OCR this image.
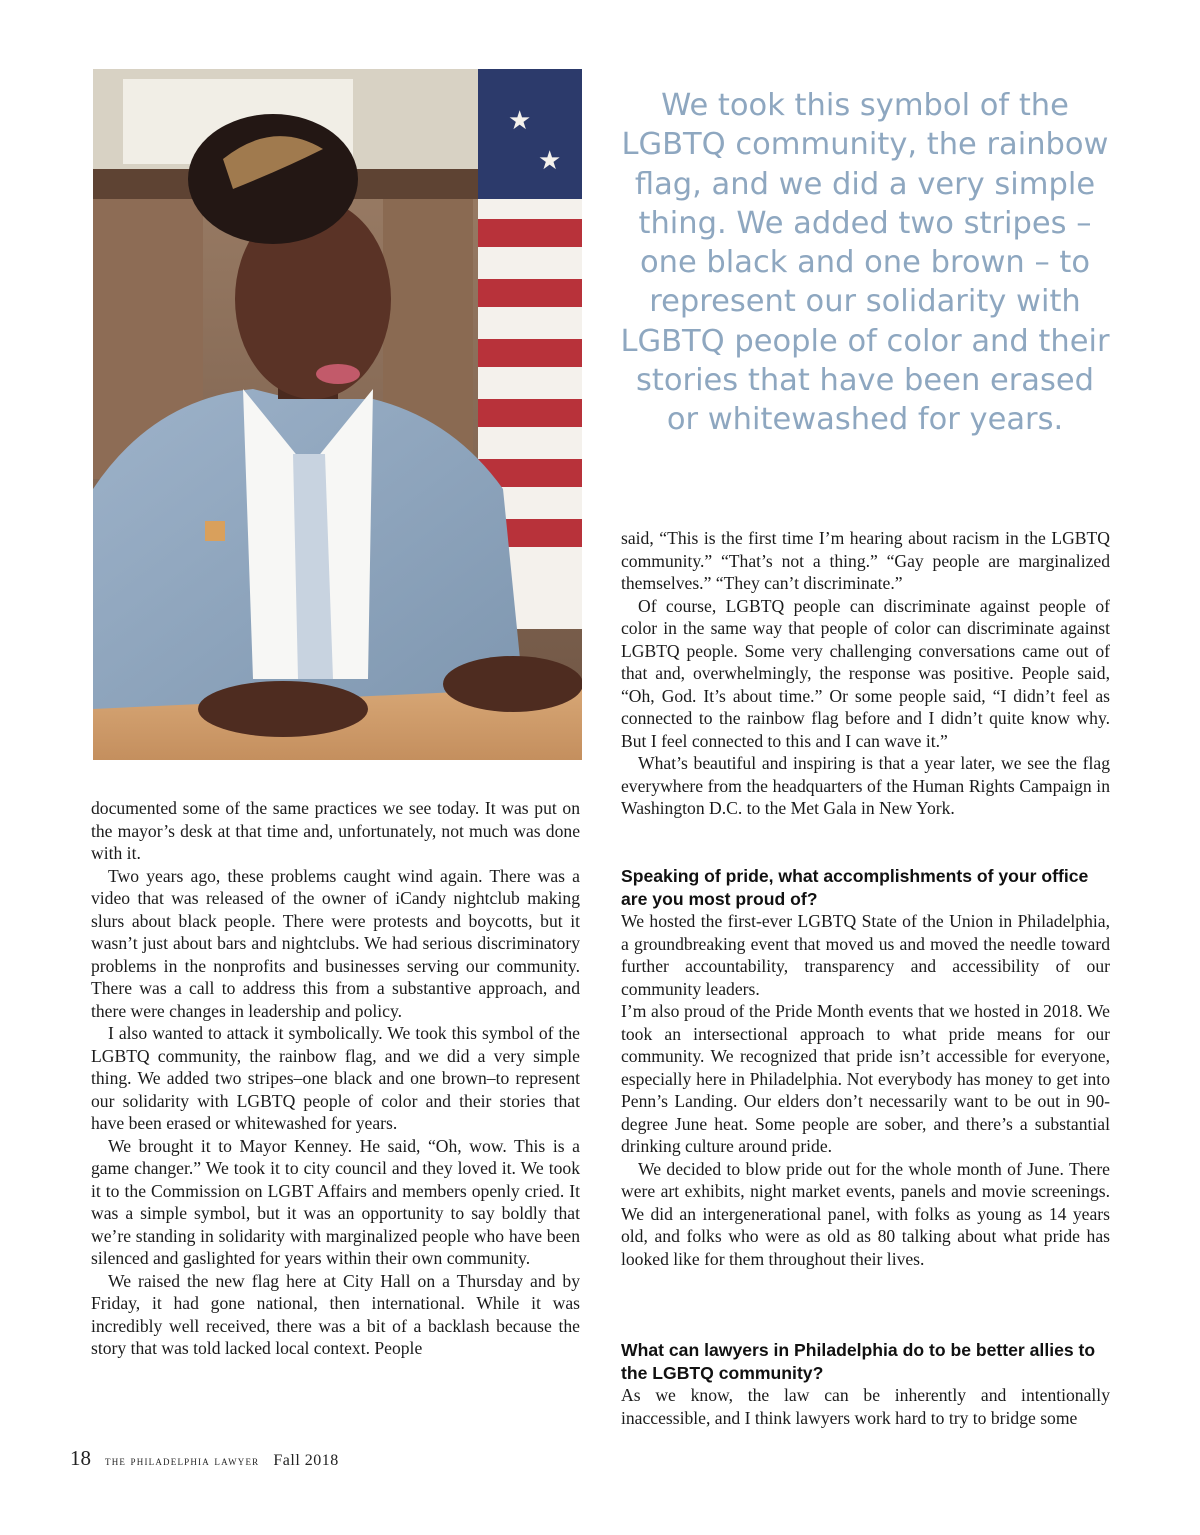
★
★

We took this symbol of the LGBTQ community, the rainbow flag, and we did a very simple thing. We added two stripes – one black and one brown – to represent our solidarity with LGBTQ people of color and their stories that have been erased or whitewashed for years.

documented some of the same practices we see today. It was put on the mayor’s desk at that time and, unfortunately, not much was done with it.

Two years ago, these problems caught wind again. There was a video that was released of the owner of iCandy nightclub making slurs about black people. There were protests and boycotts, but it wasn’t just about bars and nightclubs. We had serious discriminatory problems in the nonprofits and businesses serving our community. There was a call to address this from a substantive approach, and there were changes in leadership and policy.

I also wanted to attack it symbolically. We took this symbol of the LGBTQ community, the rainbow flag, and we did a very simple thing. We added two stripes–one black and one brown–to represent our solidarity with LGBTQ people of color and their stories that have been erased or whitewashed for years.

We brought it to Mayor Kenney. He said, “Oh, wow. This is a game changer.” We took it to city council and they loved it. We took it to the Commission on LGBT Affairs and members openly cried. It was a simple symbol, but it was an opportunity to say boldly that we’re standing in solidarity with marginalized people who have been silenced and gaslighted for years within their own community.

We raised the new flag here at City Hall on a Thursday and by Friday, it had gone national, then international. While it was incredibly well received, there was a bit of a backlash because the story that was told lacked local context. People

said, “This is the first time I’m hearing about racism in the LGBTQ community.” “That’s not a thing.” “Gay people are marginalized themselves.” “They can’t discriminate.”

Of course, LGBTQ people can discriminate against people of color in the same way that people of color can discriminate against LGBTQ people. Some very challenging conversations came out of that and, overwhelmingly, the response was positive. People said, “Oh, God. It’s about time.” Or some people said, “I didn’t feel as connected to the rainbow flag before and I didn’t quite know why. But I feel connected to this and I can wave it.”

What’s beautiful and inspiring is that a year later, we see the flag everywhere from the headquarters of the Human Rights Campaign in Washington D.C. to the Met Gala in New York.

Speaking of pride, what accomplishments of your office are you most proud of?

We hosted the first-ever LGBTQ State of the Union in Philadelphia, a groundbreaking event that moved us and moved the needle toward further accountability, transparency and accessibility of our community leaders.

I’m also proud of the Pride Month events that we hosted in 2018. We took an intersectional approach to what pride means for our community. We recognized that pride isn’t accessible for everyone, especially here in Philadelphia. Not everybody has money to get into Penn’s Landing. Our elders don’t necessarily want to be out in 90-degree June heat. Some people are sober, and there’s a substantial drinking culture around pride.

We decided to blow pride out for the whole month of June. There were art exhibits, night market events, panels and movie screenings. We did an intergenerational panel, with folks as young as 14 years old, and folks who were as old as 80 talking about what pride has looked like for them throughout their lives.

What can lawyers in Philadelphia do to be better allies to the LGBTQ community?

As we know, the law can be inherently and intentionally inaccessible, and I think lawyers work hard to try to bridge some

18 the philadelphia lawyer Fall 2018
